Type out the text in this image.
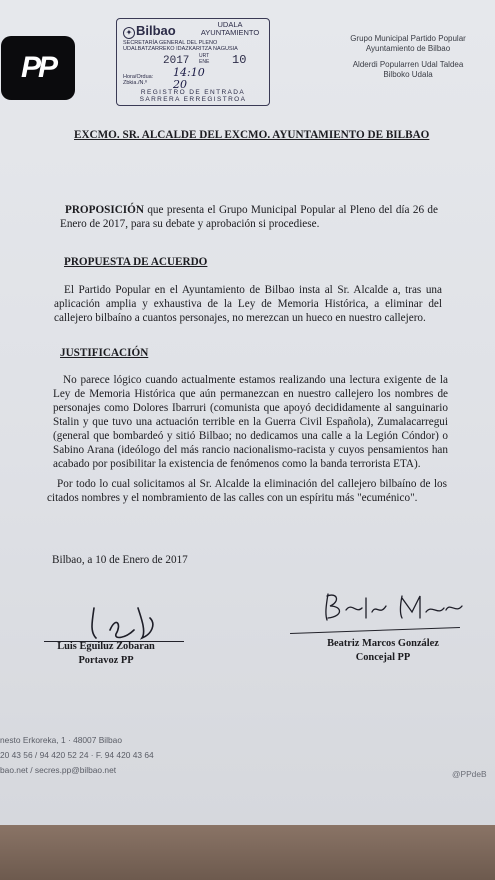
PP
✦ Bilbao	UDALA
AYUNTAMIENTO
SECRETARÍA GENERAL DEL PLENO
UDALBATZARREKO IDAZKARITZA NAGUSIA
2017 URT
ENE 10
Hora/Ordua:
Zbkia./N.º
14:10
20
REGISTRO DE ENTRADA
SARRERA ERREGISTROA
Grupo Municipal Partido Popular
Ayuntamiento de Bilbao
Alderdi Popularren Udal Taldea
Bilboko Udala
EXCMO. SR. ALCALDE DEL EXCMO. AYUNTAMIENTO DE BILBAO
PROPOSICIÓN que presenta el Grupo Municipal Popular al Pleno del día 26 de Enero de 2017, para su debate y aprobación si procediese.
PROPUESTA DE ACUERDO
El Partido Popular en el Ayuntamiento de Bilbao insta al Sr. Alcalde a, tras una aplicación amplia y exhaustiva de la Ley de Memoria Histórica, a eliminar del callejero bilbaíno a cuantos personajes, no merezcan un hueco en nuestro callejero.
JUSTIFICACIÓN
No parece lógico cuando actualmente estamos realizando una lectura exigente de la Ley de Memoria Histórica que aún permanezcan en nuestro callejero los nombres de personajes como Dolores Ibarruri (comunista que apoyó decididamente al sanguinario Stalin y que tuvo una actuación terrible en la Guerra Civil Española), Zumalacarregui (general que bombardeó y sitió Bilbao; no dedicamos una calle a la Legión Cóndor) o Sabino Arana (ideólogo del más rancio nacionalismo-racista y cuyos pensamientos han acabado por posibilitar la existencia de fenómenos como la banda terrorista ETA).
Por todo lo cual solicitamos al Sr. Alcalde la eliminación del callejero bilbaíno de los citados nombres y el nombramiento de las calles con un espíritu más "ecuménico".
Bilbao, a 10 de Enero de 2017
Luis Eguiluz Zobaran
Portavoz PP
Beatriz Marcos González
Concejal PP
nesto Erkoreka, 1 · 48007 Bilbao
20 43 56 / 94 420 52 24 · F. 94 420 43 64
bao.net / secres.pp@bilbao.net	@PPdeB
